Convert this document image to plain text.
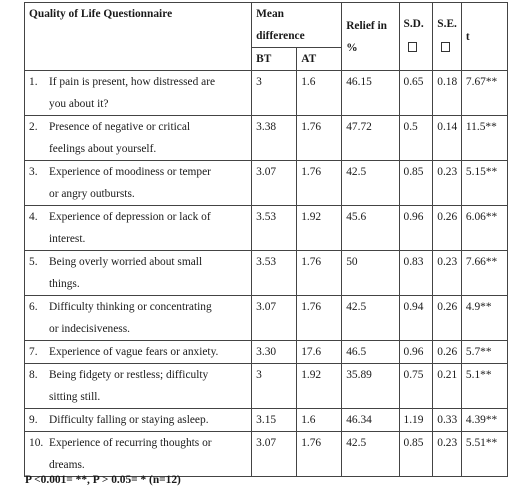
Quality of Life Questionnaire	Mean
difference		Relief in
%	S.D.	S.E.	t
	BT	AT				
1. If pain is present, how distressed are
you about it?	3	1.6	46.15	0.65	0.18	7.67**
2. Presence of negative or critical
feelings about yourself.	3.38	1.76	47.72	0.5	0.14	11.5**
3. Experience of moodiness or temper
or angry outbursts.	3.07	1.76	42.5	0.85	0.23	5.15**
4. Experience of depression or lack of
interest.	3.53	1.92	45.6	0.96	0.26	6.06**
5. Being overly worried about small
things.	3.53	1.76	50	0.83	0.23	7.66**
6. Difficulty thinking or concentrating
or indecisiveness.	3.07	1.76	42.5	0.94	0.26	4.9**
7. Experience of vague fears or anxiety.	3.30	17.6	46.5	0.96	0.26	5.7**
8. Being fidgety or restless; difficulty
sitting still.	3	1.92	35.89	0.75	0.21	5.1**
9. Difficulty falling or staying asleep.	3.15	1.6	46.34	1.19	0.33	4.39**
10. Experience of recurring thoughts or
dreams.	3.07	1.76	42.5	0.85	0.23	5.51**
P <0.001= **, P > 0.05= * (n=12)
